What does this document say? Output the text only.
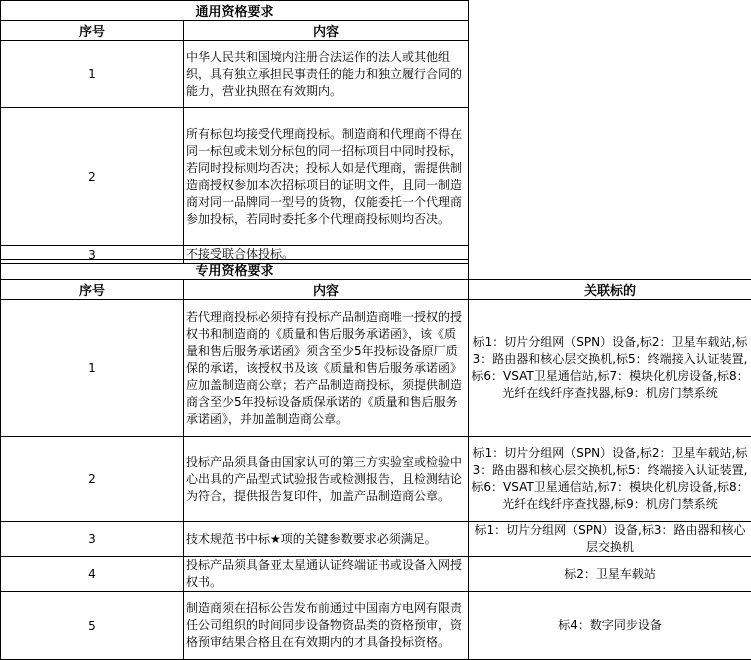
通用资格要求	
序号	内容
1	中华人民共和国境内注册合法运作的法人或其他组织，具有独立承担民事责任的能力和独立履行合同的能力，营业执照在有效期内。
2	所有标包均接受代理商投标。制造商和代理商不得在同一标包或未划分标包的同一招标项目中同时投标，若同时投标则均否决；投标人如是代理商，需提供制造商授权参加本次招标项目的证明文件，且同一制造商对同一品牌同一型号的货物，仅能委托一个代理商参加投标，若同时委托多个代理商投标则均否决。
3	不接受联合体投标。
专用资格要求		
序号	内容	关联标的
1	若代理商投标必须持有投标产品制造商唯一授权的授权书和制造商的《质量和售后服务承诺函》，该《质量和售后服务承诺函》须含至少5年投标设备原厂质保的承诺，该授权书及该《质量和售后服务承诺函》应加盖制造商公章；若产品制造商投标，须提供制造商含至少5年投标设备质保承诺的《质量和售后服务承诺函》，并加盖制造商公章。	标1：切片分组网（SPN）设备,标2：卫星车载站,标3：路由器和核心层交换机,标5：终端接入认证装置,标6：VSAT卫星通信站,标7：模块化机房设备,标8：光纤在线纤序查找器,标9：机房门禁系统
2	投标产品须具备由国家认可的第三方实验室或检验中心出具的产品型式试验报告或检测报告，且检测结论为符合，提供报告复印件，加盖产品制造商公章。	标1：切片分组网（SPN）设备,标2：卫星车载站,标3：路由器和核心层交换机,标5：终端接入认证装置,标6：VSAT卫星通信站,标7：模块化机房设备,标8：光纤在线纤序查找器,标9：机房门禁系统
3	技术规范书中标★项的关键参数要求必须满足。	标1：切片分组网（SPN）设备,标3：路由器和核心层交换机
4	投标产品须具备亚太星通认证终端证书或设备入网授权书。	标2：卫星车载站
5	制造商须在招标公告发布前通过中国南方电网有限责任公司组织的时间同步设备物资品类的资格预审，资格预审结果合格且在有效期内的才具备投标资格。	标4：数字同步设备
